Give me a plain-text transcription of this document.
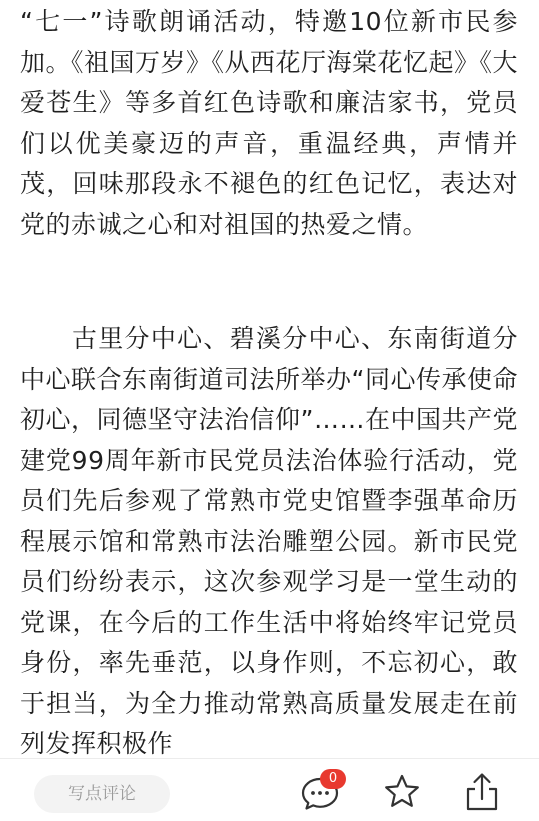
“七一”诗歌朗诵活动，特邀10位新市民参加。《祖国万岁》《从西花厅海棠花忆起》《大爱苍生》等多首红色诗歌和廉洁家书，党员们以优美豪迈的声音，重温经典，声情并茂，回味那段永不褪色的红色记忆，表达对党的赤诚之心和对祖国的热爱之情。

古里分中心、碧溪分中心、东南街道分中心联合东南街道司法所举办“同心传承使命初心，同德坚守法治信仰”……在中国共产党建党99周年新市民党员法治体验行活动，党员们先后参观了常熟市党史馆暨李强革命历程展示馆和常熟市法治雕塑公园。新市民党员们纷纷表示，这次参观学习是一堂生动的党课，在今后的工作生活中将始终牢记党员身份，率先垂范，以身作则，不忘初心，敢于担当，为全力推动常熟高质量发展走在前列发挥积极作

写点评论
0
